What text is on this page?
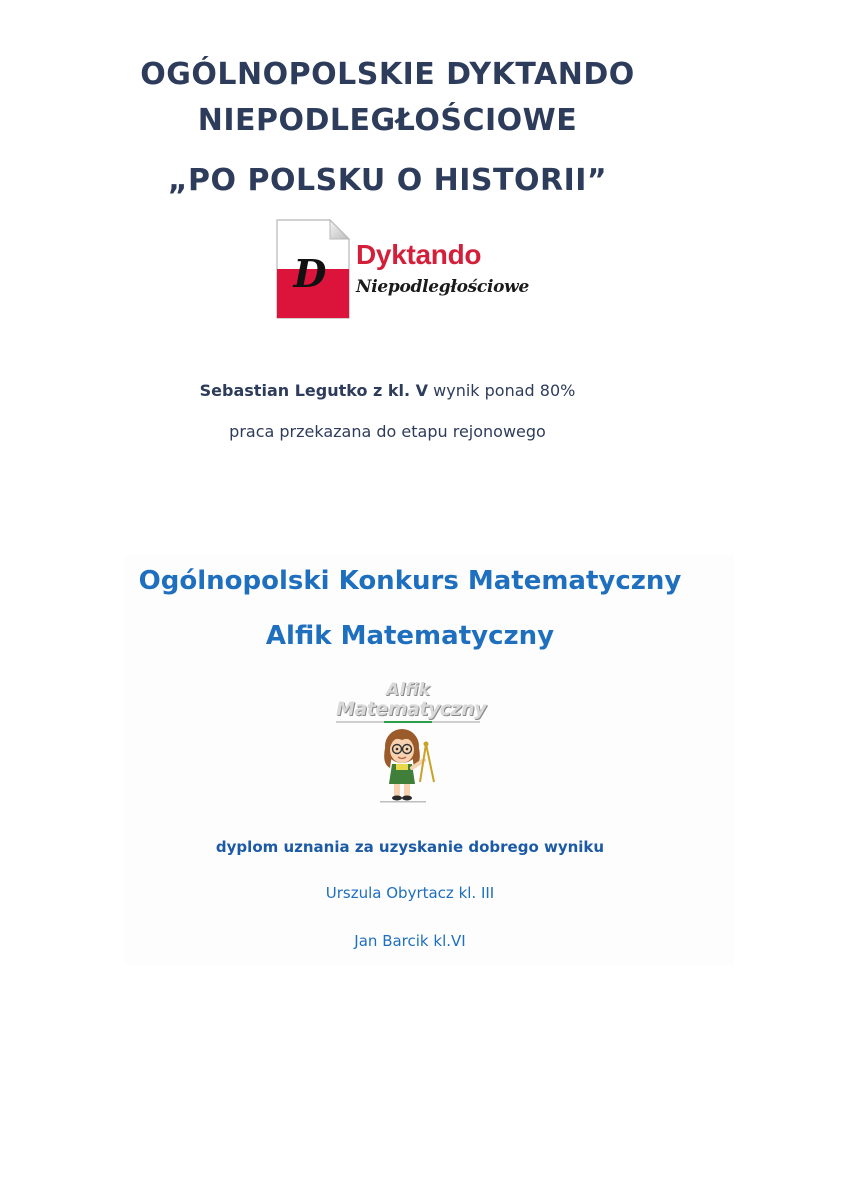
OGÓLNOPOLSKIE DYKTANDO
NIEPODLEGŁOŚCIOWE
„PO POLSKU O HISTORII”
D Dyktando
Niepodległościowe
Sebastian Legutko z kl. V wynik ponad 80%
praca przekazana do etapu rejonowego
Ogólnopolski Konkurs Matematyczny
Alfik Matematyczny
Alfik
Matematyczny
dyplom uznania za uzyskanie dobrego wyniku
Urszula Obyrtacz kl. III
Jan Barcik kl.VI
